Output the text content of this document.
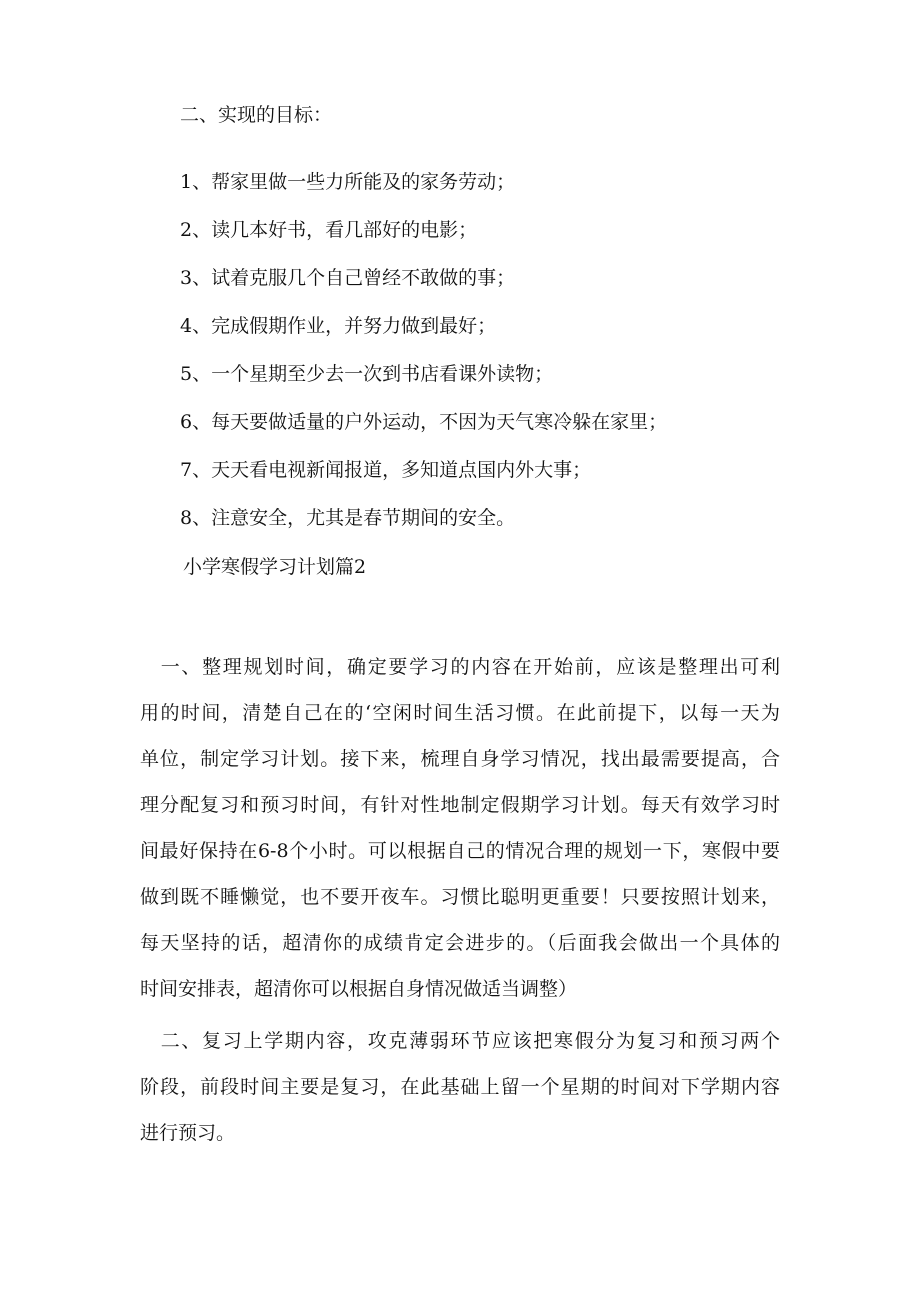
二、实现的目标：
1、帮家里做一些力所能及的家务劳动；
2、读几本好书，看几部好的电影；
3、试着克服几个自己曾经不敢做的事；
4、完成假期作业，并努力做到最好；
5、一个星期至少去一次到书店看课外读物；
6、每天要做适量的户外运动，不因为天气寒冷躲在家里；
7、天天看电视新闻报道，多知道点国内外大事；
8、注意安全，尤其是春节期间的安全。
小学寒假学习计划篇2
　一、整理规划时间，确定要学习的内容在开始前，应该是整理出可利
用的时间，清楚自己在的‘空闲时间生活习惯。在此前提下，以每一天为
单位，制定学习计划。接下来，梳理自身学习情况，找出最需要提高，合
理分配复习和预习时间，有针对性地制定假期学习计划。每天有效学习时
间最好保持在6-8个小时。可以根据自己的情况合理的规划一下，寒假中要
做到既不睡懒觉，也不要开夜车。习惯比聪明更重要！只要按照计划来，
每天坚持的话，超清你的成绩肯定会进步的。（后面我会做出一个具体的
时间安排表，超清你可以根据自身情况做适当调整）
　二、复习上学期内容，攻克薄弱环节应该把寒假分为复习和预习两个
阶段，前段时间主要是复习，在此基础上留一个星期的时间对下学期内容
进行预习。
